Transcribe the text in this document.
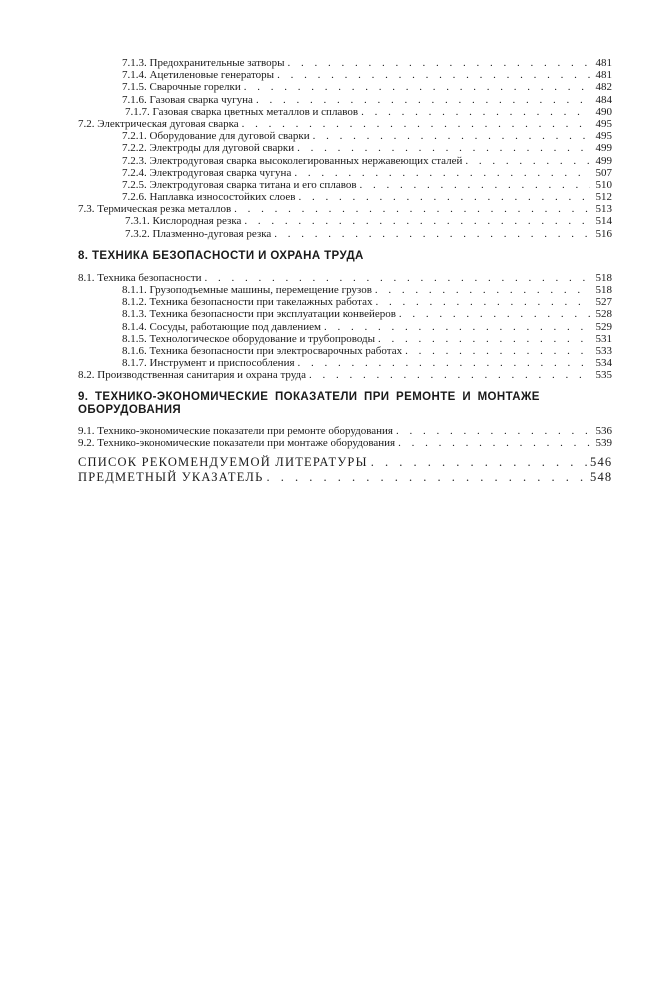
7.1.3. Предохранительные затворы . . .	481
7.1.4. Ацетиленовые генераторы . . .	481
7.1.5. Сварочные горелки . . .	482
7.1.6. Газовая сварка чугуна . . .	484
7.1.7. Газовая сварка цветных металлов и сплавов . . .	490
7.2. Электрическая дуговая сварка . . .	495
7.2.1. Оборудование для дуговой сварки . . .	495
7.2.2. Электроды для дуговой сварки . . .	499
7.2.3. Электродуговая сварка высоколегированных нержавеющих сталей . . .	499
7.2.4. Электродуговая сварка чугуна . . .	507
7.2.5. Электродуговая сварка титана и его сплавов . . .	510
7.2.6. Наплавка износостойких слоев . . .	512
7.3. Термическая резка металлов . . .	513
7.3.1. Кислородная резка . . .	514
7.3.2. Плазменно-дуговая резка . . .	516
8. ТЕХНИКА БЕЗОПАСНОСТИ И ОХРАНА ТРУДА
8.1. Техника безопасности . . .	518
8.1.1. Грузоподъемные машины, перемещение грузов . . .	518
8.1.2. Техника безопасности при такелажных работах . . .	527
8.1.3. Техника безопасности при эксплуатации конвейеров . . .	528
8.1.4. Сосуды, работающие под давлением . . .	529
8.1.5. Технологическое оборудование и трубопроводы . . .	531
8.1.6. Техника безопасности при электросварочных работах . . .	533
8.1.7. Инструмент и приспособления . . .	534
8.2. Производственная санитария и охрана труда . . .	535
9. ТЕХНИКО-ЭКОНОМИЧЕСКИЕ ПОКАЗАТЕЛИ ПРИ РЕМОНТЕ И МОНТАЖЕ ОБОРУДОВАНИЯ
9.1. Технико-экономические показатели при ремонте оборудования . . .	536
9.2. Технико-экономические показатели при монтаже оборудования . . .	539
СПИСОК РЕКОМЕНДУЕМОЙ ЛИТЕРАТУРЫ . . .	546
ПРЕДМЕТНЫЙ УКАЗАТЕЛЬ . . .	548
